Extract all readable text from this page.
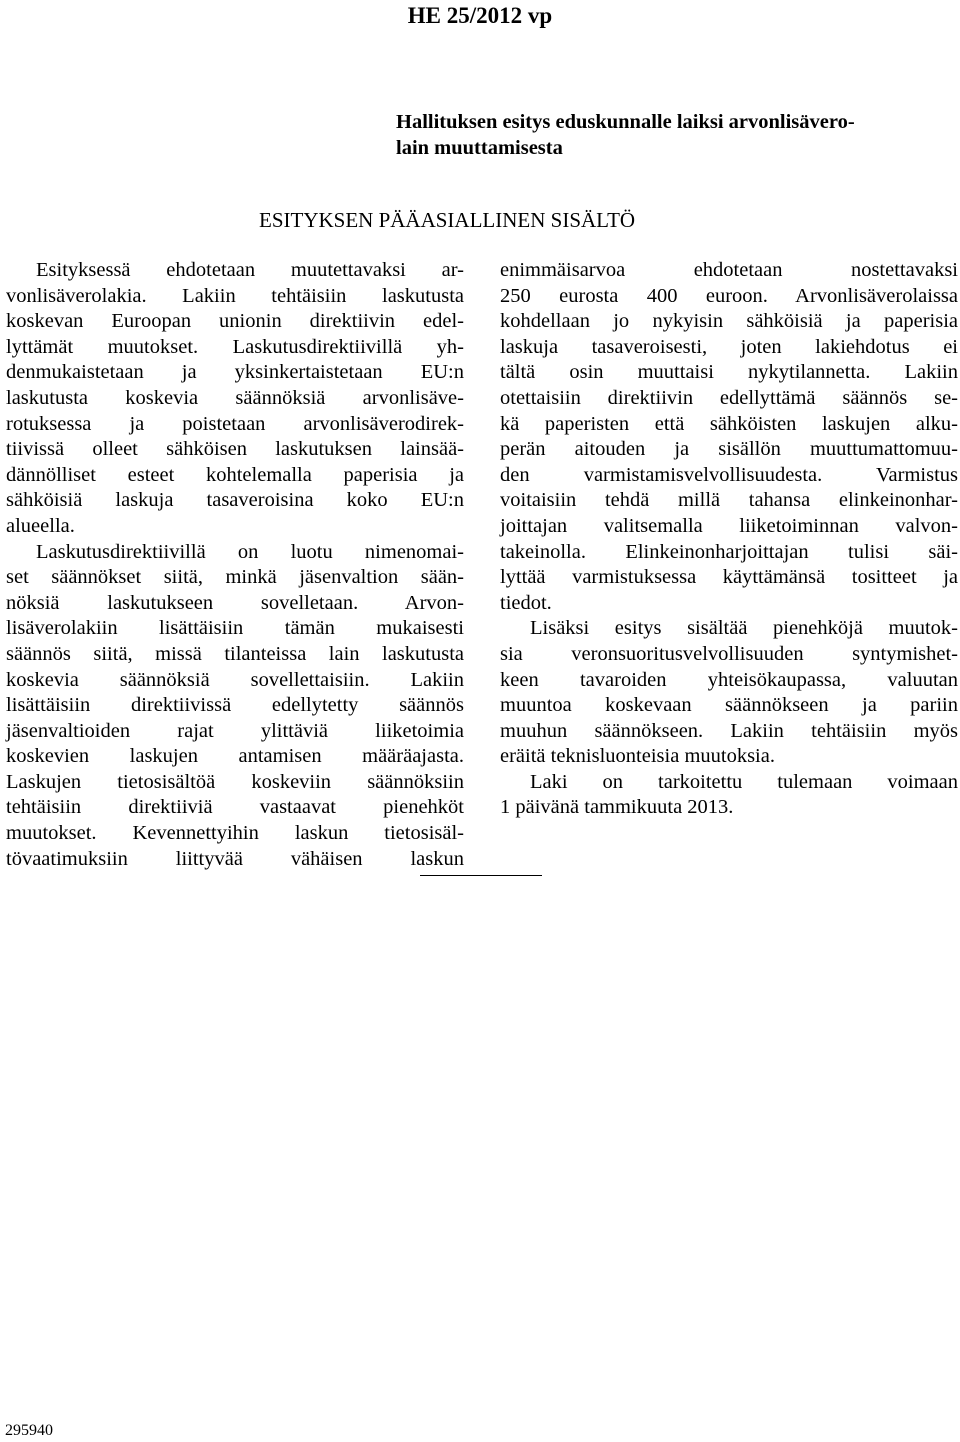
HE 25/2012 vp
Hallituksen esitys eduskunnalle laiksi arvonlisävero-
lain muuttamisesta
ESITYKSEN PÄÄASIALLINEN SISÄLTÖ
Esityksessä ehdotetaan muutettavaksi ar-
vonlisäverolakia. Lakiin tehtäisiin laskutusta
koskevan Euroopan unionin direktiivin edel-
lyttämät muutokset. Laskutusdirektiivillä yh-
denmukaistetaan ja yksinkertaistetaan EU:n
laskutusta koskevia säännöksiä arvonlisäve-
rotuksessa ja poistetaan arvonlisäverodirek-
tiivissä olleet sähköisen laskutuksen lainsää-
dännölliset esteet kohtelemalla paperisia ja
sähköisiä laskuja tasaveroisina koko EU:n
alueella.
Laskutusdirektiivillä on luotu nimenomai-
set säännökset siitä, minkä jäsenvaltion sään-
nöksiä laskutukseen sovelletaan. Arvon-
lisäverolakiin lisättäisiin tämän mukaisesti
säännös siitä, missä tilanteissa lain laskutusta
koskevia säännöksiä sovellettaisiin. Lakiin
lisättäisiin direktiivissä edellytetty säännös
jäsenvaltioiden rajat ylittäviä liiketoimia
koskevien laskujen antamisen määräajasta.
Laskujen tietosisältöä koskeviin säännöksiin
tehtäisiin direktiiviä vastaavat pienehköt
muutokset. Kevennettyihin laskun tietosisäl-
tövaatimuksiin liittyvää vähäisen laskun
enimmäisarvoa ehdotetaan nostettavaksi
250 eurosta 400 euroon. Arvonlisäverolaissa
kohdellaan jo nykyisin sähköisiä ja paperisia
laskuja tasaveroisesti, joten lakiehdotus ei
tältä osin muuttaisi nykytilannetta. Lakiin
otettaisiin direktiivin edellyttämä säännös se-
kä paperisten että sähköisten laskujen alku-
perän aitouden ja sisällön muuttumattomuu-
den varmistamisvelvollisuudesta. Varmistus
voitaisiin tehdä millä tahansa elinkeinonhar-
joittajan valitsemalla liiketoiminnan valvon-
takeinolla. Elinkeinonharjoittajan tulisi säi-
lyttää varmistuksessa käyttämänsä tositteet ja
tiedot.
Lisäksi esitys sisältää pienehköjä muutok-
sia veronsuoritusvelvollisuuden syntymishet-
keen tavaroiden yhteisökaupassa, valuutan
muuntoa koskevaan säännökseen ja pariin
muuhun säännökseen. Lakiin tehtäisiin myös
eräitä teknisluonteisia muutoksia.
Laki on tarkoitettu tulemaan voimaan
1 päivänä tammikuuta 2013.
295940
